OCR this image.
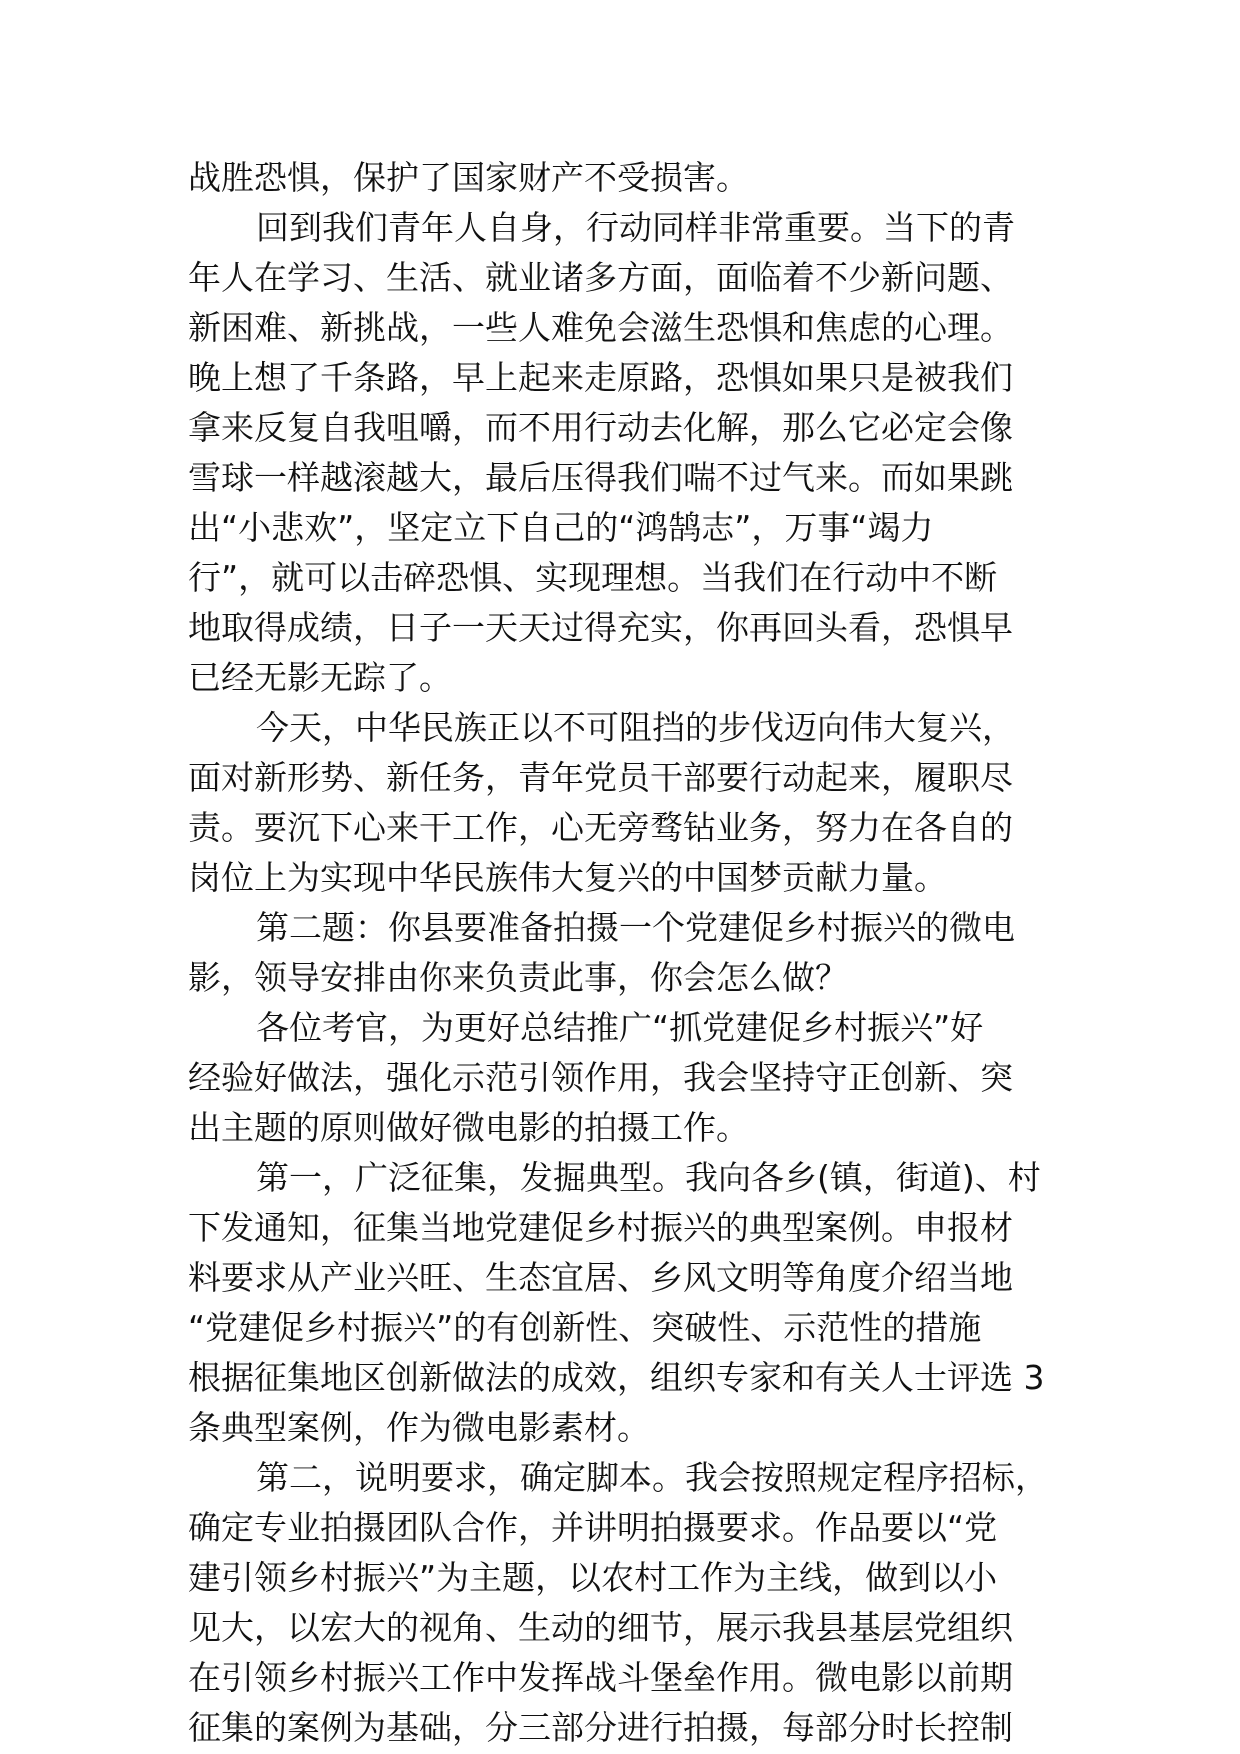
战胜恐惧，保护了国家财产不受损害。
回到我们青年人自身，行动同样非常重要。当下的青
年人在学习、生活、就业诸多方面，面临着不少新问题、
新困难、新挑战，一些人难免会滋生恐惧和焦虑的心理。
晚上想了千条路，早上起来走原路，恐惧如果只是被我们
拿来反复自我咀嚼，而不用行动去化解，那么它必定会像
雪球一样越滚越大，最后压得我们喘不过气来。而如果跳
出“小悲欢”，坚定立下自己的“鸿鹄志”，万事“竭力
行”，就可以击碎恐惧、实现理想。当我们在行动中不断
地取得成绩，日子一天天过得充实，你再回头看，恐惧早
已经无影无踪了。
今天，中华民族正以不可阻挡的步伐迈向伟大复兴，
面对新形势、新任务，青年党员干部要行动起来，履职尽
责。要沉下心来干工作，心无旁骛钻业务，努力在各自的
岗位上为实现中华民族伟大复兴的中国梦贡献力量。
第二题：你县要准备拍摄一个党建促乡村振兴的微电
影，领导安排由你来负责此事，你会怎么做？
各位考官，为更好总结推广“抓党建促乡村振兴”好
经验好做法，强化示范引领作用，我会坚持守正创新、突
出主题的原则做好微电影的拍摄工作。
第一，广泛征集，发掘典型。我向各乡(镇，街道)、村
下发通知，征集当地党建促乡村振兴的典型案例。申报材
料要求从产业兴旺、生态宜居、乡风文明等角度介绍当地
“党建促乡村振兴”的有创新性、突破性、示范性的措施
根据征集地区创新做法的成效，组织专家和有关人士评选 3
条典型案例，作为微电影素材。
第二，说明要求，确定脚本。我会按照规定程序招标，
确定专业拍摄团队合作，并讲明拍摄要求。作品要以“党
建引领乡村振兴”为主题，以农村工作为主线，做到以小
见大，以宏大的视角、生动的细节，展示我县基层党组织
在引领乡村振兴工作中发挥战斗堡垒作用。微电影以前期
征集的案例为基础，分三部分进行拍摄，每部分时长控制
